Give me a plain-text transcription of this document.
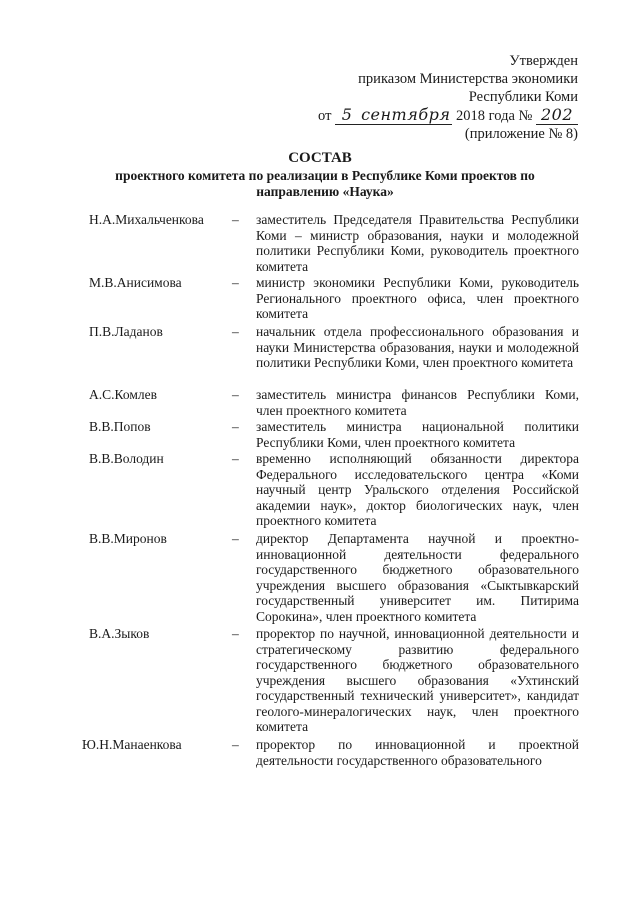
Утвержден
приказом Министерства экономики
Республики Коми
от 5 сентября 2018 года № 202
(приложение № 8)
СОСТАВ
проектного комитета по реализации в Республике Коми проектов по направлению «Наука»
Н.А.Михальченкова – заместитель Председателя Правительства Республики Коми – министр образования, науки и молодежной политики Республики Коми, руководитель проектного комитета
М.В.Анисимова	– министр экономики Республики Коми, руководитель Регионального проектного офиса, член проектного комитета
П.В.Ладанов	– начальник отдела профессионального образования и науки Министерства образования, науки и молодежной политики Республики Коми, член проектного комитета
А.С.Комлев	– заместитель министра финансов Республики Коми, член проектного комитета
В.В.Попов	– заместитель министра национальной политики Республики Коми, член проектного комитета
В.В.Володин	– временно исполняющий обязанности директора Федерального исследовательского центра «Коми научный центр Уральского отделения Российской академии наук», доктор биологических наук, член проектного комитета
В.В.Миронов	– директор Департамента научной и проектно-инновационной деятельности федерального государственного бюджетного образовательного учреждения высшего образования «Сыктывкарский государственный университет им. Питирима Сорокина», член проектного комитета
В.А.Зыков	– проректор по научной, инновационной деятельности и стратегическому развитию федерального государственного бюджетного образовательного учреждения высшего образования «Ухтинский государственный технический университет», кандидат геолого-минералогических наук, член проектного комитета
Ю.Н.Манаенкова	– проректор по инновационной и проектной деятельности государственного образовательного
